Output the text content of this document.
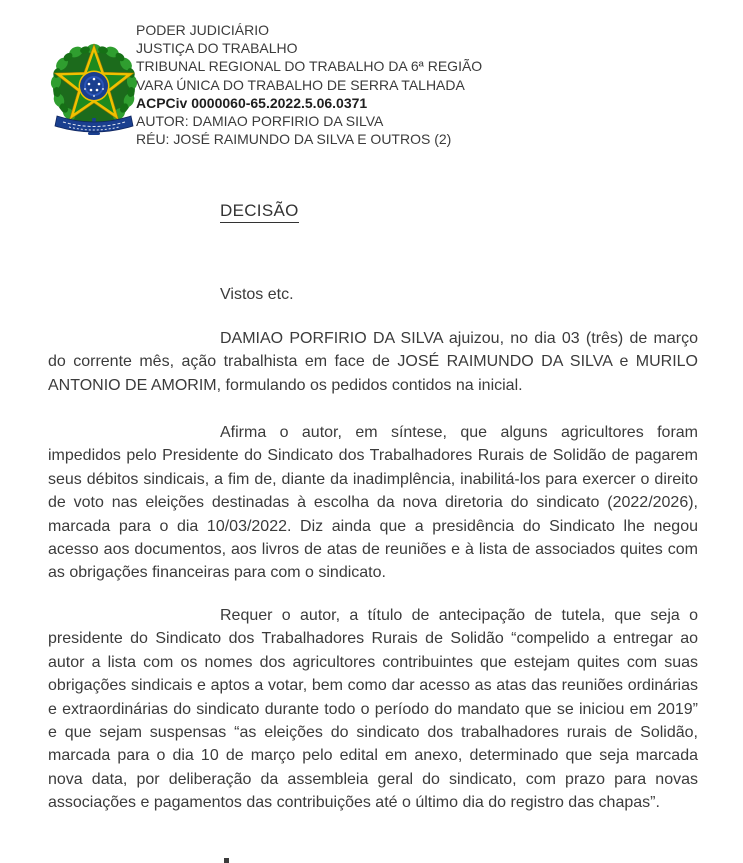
PODER JUDICIÁRIO
JUSTIÇA DO TRABALHO
TRIBUNAL REGIONAL DO TRABALHO DA 6ª REGIÃO
VARA ÚNICA DO TRABALHO DE SERRA TALHADA
ACPCiv 0000060-65.2022.5.06.0371
AUTOR: DAMIAO PORFIRIO DA SILVA
RÉU: JOSÉ RAIMUNDO DA SILVA E OUTROS (2)
DECISÃO
Vistos etc.

DAMIAO PORFIRIO DA SILVA ajuizou, no dia 03 (três) de março do corrente mês, ação trabalhista em face de JOSÉ RAIMUNDO DA SILVA e MURILO ANTONIO DE AMORIM, formulando os pedidos contidos na inicial.

Afirma o autor, em síntese, que alguns agricultores foram impedidos pelo Presidente do Sindicato dos Trabalhadores Rurais de Solidão de pagarem seus débitos sindicais, a fim de, diante da inadimplência, inabilitá-los para exercer o direito de voto nas eleições destinadas à escolha da nova diretoria do sindicato (2022/2026), marcada para o dia 10/03/2022. Diz ainda que a presidência do Sindicato lhe negou acesso aos documentos, aos livros de atas de reuniões e à lista de associados quites com as obrigações financeiras para com o sindicato.

Requer o autor, a título de antecipação de tutela, que seja o presidente do Sindicato dos Trabalhadores Rurais de Solidão “compelido a entregar ao autor a lista com os nomes dos agricultores contribuintes que estejam quites com suas obrigações sindicais e aptos a votar, bem como dar acesso as atas das reuniões ordinárias e extraordinárias do sindicato durante todo o período do mandato que se iniciou em 2019” e que sejam suspensas “as eleições do sindicato dos trabalhadores rurais de Solidão, marcada para o dia 10 de março pelo edital em anexo, determinado que seja marcada nova data, por deliberação da assembleia geral do sindicato, com prazo para novas associações e pagamentos das contribuições até o último dia do registro das chapas”.
